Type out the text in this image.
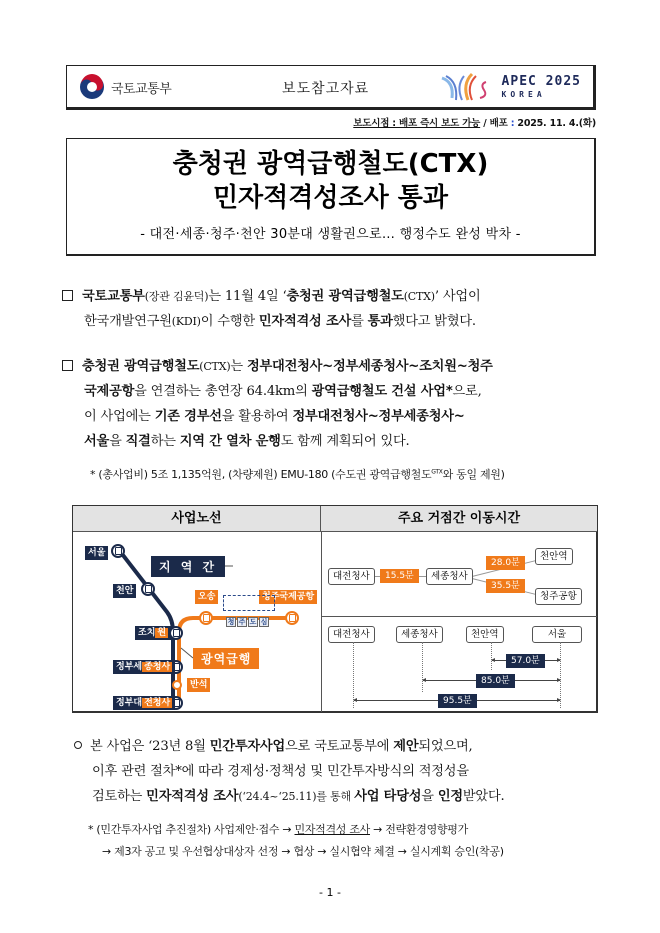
국토교통부	보도참고자료	APEC 2025
KOREA
보도시점 : 배포 즉시 보도 가능 / 배포 : 2025. 11. 4.(화)
충청권 광역급행철도(CTX)
민자적격성조사 통과
- 대전·세종·청주·천안 30분대 생활권으로… 행정수도 완성 박차 -
국토교통부(장관 김윤덕)는 11월 4일 ‘충청권 광역급행철도(CTX)’ 사업이
한국개발연구원(KDI)이 수행한 민자적격성 조사를 통과했다고 밝혔다.
충청권 광역급행철도(CTX)는 정부대전청사~정부세종청사~조치원~청주
국제공항을 연결하는 총연장 64.4km의 광역급행철도 건설 사업*으로,
이 사업에는 기존 경부선을 활용하여 정부대전청사~정부세종청사~
서울을 직결하는 지역 간 열차 운행도 함께 계획되어 있다.
* (총사업비) 5조 1,135억원, (차량제원) EMU-180 (수도권 광역급행철도$^{GTX}$와 동일 제원)
사업노선	주요 거점간 이동시간
서울
천안
조치 원
정부세 종청사
반석
정부대 전청사
오송	청주국제공항
청 주 도 심
지 역 간
광역급행
대전청사	15.5분	세종청사
28.0분
35.5분
천안역
청주공항
대전청사	세종청사	천안역	서울
57.0분
85.0분
95.5분
본 사업은 ‘23년 8월 민간투자사업으로 국토교통부에 제안되었으며,
이후 관련 절차*에 따라 경제성·정책성 및 민간투자방식의 적정성을
검토하는 민자적격성 조사(‘24.4~‘25.11)를 통해 사업 타당성을 인정받았다.
* (민간투자사업 추진절차) 사업제안·접수 → 민자적격성 조사 → 전략환경영향평가
→ 제3자 공고 및 우선협상대상자 선정 → 협상 → 실시협약 체결 → 실시계획 승인(착공)
- 1 -
